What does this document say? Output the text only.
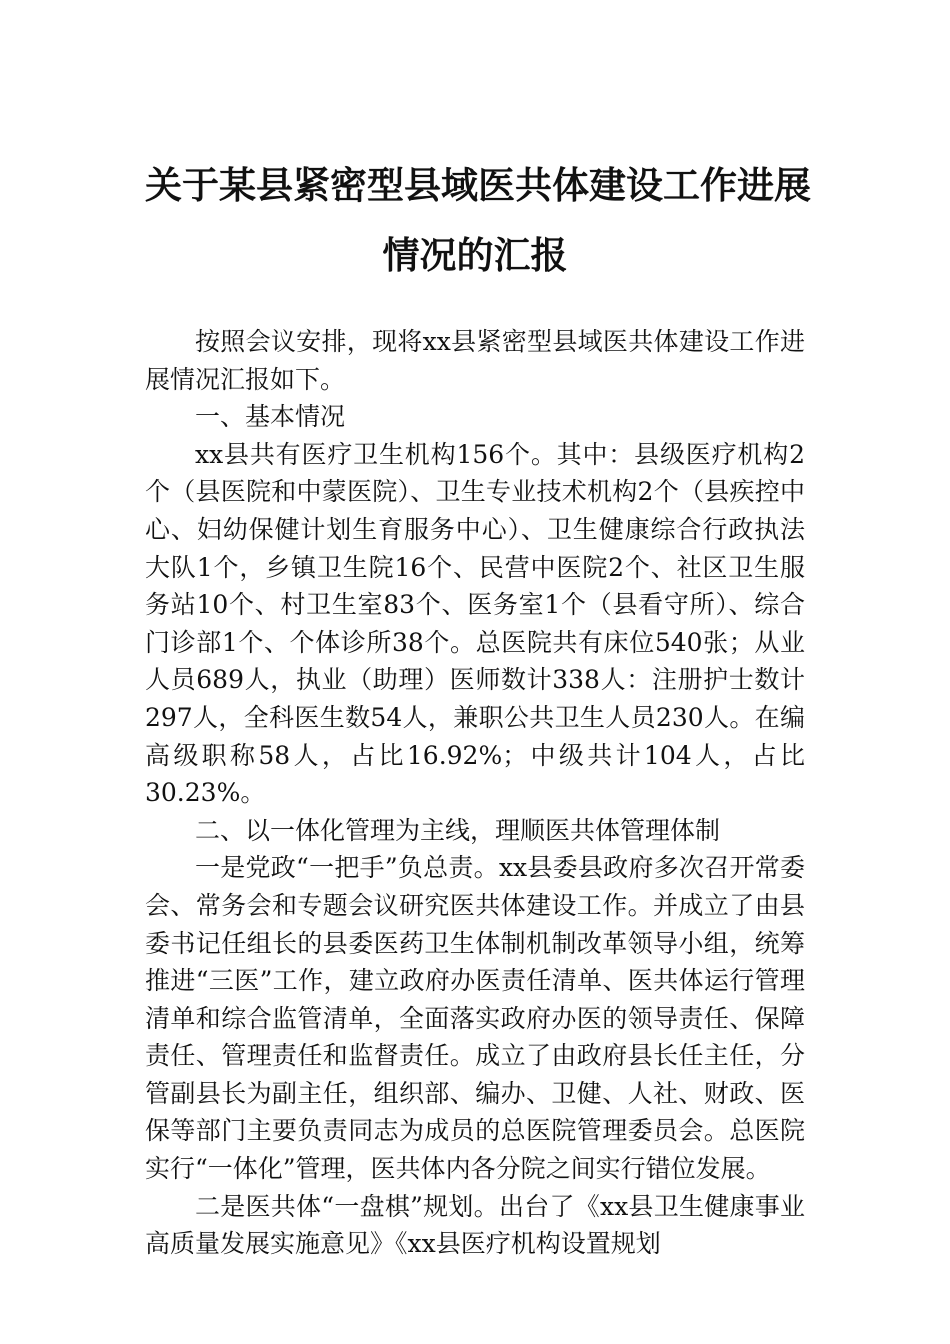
关于某县紧密型县域医共体建设工作进展
情况的汇报

按照会议安排，现将xx县紧密型县域医共体建设工作进展情况汇报如下。

一、基本情况

xx县共有医疗卫生机构156个。其中：县级医疗机构2个（县医院和中蒙医院）、卫生专业技术机构2个（县疾控中心、妇幼保健计划生育服务中心）、卫生健康综合行政执法大队1个，乡镇卫生院16个、民营中医院2个、社区卫生服务站10个、村卫生室83个、医务室1个（县看守所）、综合门诊部1个、个体诊所38个。总医院共有床位540张；从业人员689人，执业（助理）医师数计338人：注册护士数计297人，全科医生数54人，兼职公共卫生人员230人。在编高级职称58人，占比16.92%；中级共计104人，占比30.23%。

二、以一体化管理为主线，理顺医共体管理体制

一是党政“一把手”负总责。xx县委县政府多次召开常委会、常务会和专题会议研究医共体建设工作。并成立了由县委书记任组长的县委医药卫生体制机制改革领导小组，统筹推进“三医”工作，建立政府办医责任清单、医共体运行管理清单和综合监管清单，全面落实政府办医的领导责任、保障责任、管理责任和监督责任。成立了由政府县长任主任，分管副县长为副主任，组织部、编办、卫健、人社、财政、医保等部门主要负责同志为成员的总医院管理委员会。总医院实行“一体化”管理，医共体内各分院之间实行错位发展。

二是医共体“一盘棋”规划。出台了《xx县卫生健康事业高质量发展实施意见》《xx县医疗机构设置规划
